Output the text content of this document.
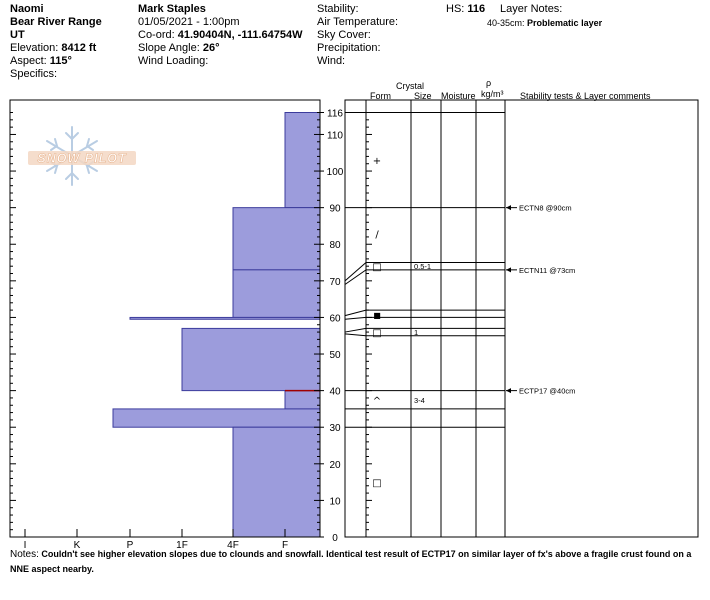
Naomi
Bear River Range
UT
Elevation: 8412 ft
Aspect: 115°
Specifics:
Mark Staples
01/05/2021 - 1:00pm
Co-ord: 41.90404N, -111.64754W
Slope Angle: 26°
Wind Loading:
Stability:
Air Temperature:
Sky Cover:
Precipitation:
Wind:
HS: 116 Layer Notes:
40-35cm: Problematic layer
Crystal
Form	Size Moisture
ρ
kg/m³ Stability tests & Layer comments
SNOW PILOT
I	K	P	1F	4F	F
0
10
20
30
40
50
60
70
80
90
100
110
116
+
/
□	0.5-1
■
□	1
^	3-4
□
ECTN8 @90cm
ECTN11 @73cm
ECTP17 @40cm
Notes: Couldn't see higher elevation slopes due to clounds and snowfall. Identical test result of ECTP17 on similar layer of fx's above a fragile crust found on a NNE aspect nearby.
